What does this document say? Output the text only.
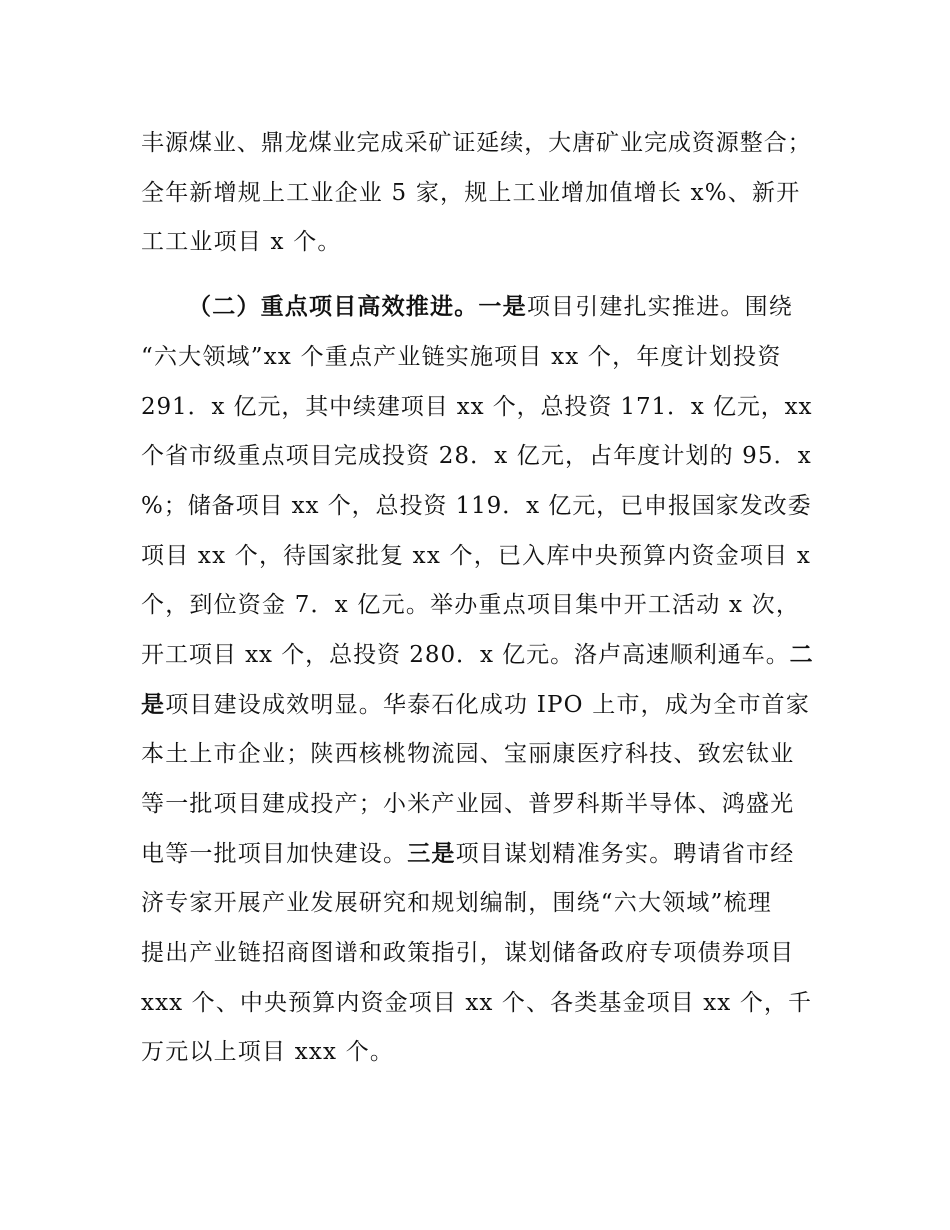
丰源煤业、鼎龙煤业完成采矿证延续，大唐矿业完成资源整合；
全年新增规上工业企业 5 家，规上工业增加值增长 x%、新开
工工业项目 x 个。
（二）重点项目高效推进。一是项目引建扎实推进。围绕
“六大领域”xx 个重点产业链实施项目 xx 个，年度计划投资
291．x 亿元，其中续建项目 xx 个，总投资 171．x 亿元，xx
个省市级重点项目完成投资 28．x 亿元，占年度计划的 95．x
%；储备项目 xx 个，总投资 119．x 亿元，已申报国家发改委
项目 xx 个，待国家批复 xx 个，已入库中央预算内资金项目 x
个，到位资金 7．x 亿元。举办重点项目集中开工活动 x 次，
开工项目 xx 个，总投资 280．x 亿元。洛卢高速顺利通车。二
是项目建设成效明显。华泰石化成功 IPO 上市，成为全市首家
本土上市企业；陕西核桃物流园、宝丽康医疗科技、致宏钛业
等一批项目建成投产；小米产业园、普罗科斯半导体、鸿盛光
电等一批项目加快建设。三是项目谋划精准务实。聘请省市经
济专家开展产业发展研究和规划编制，围绕“六大领域”梳理
提出产业链招商图谱和政策指引，谋划储备政府专项债券项目
xxx 个、中央预算内资金项目 xx 个、各类基金项目 xx 个，千
万元以上项目 xxx 个。
